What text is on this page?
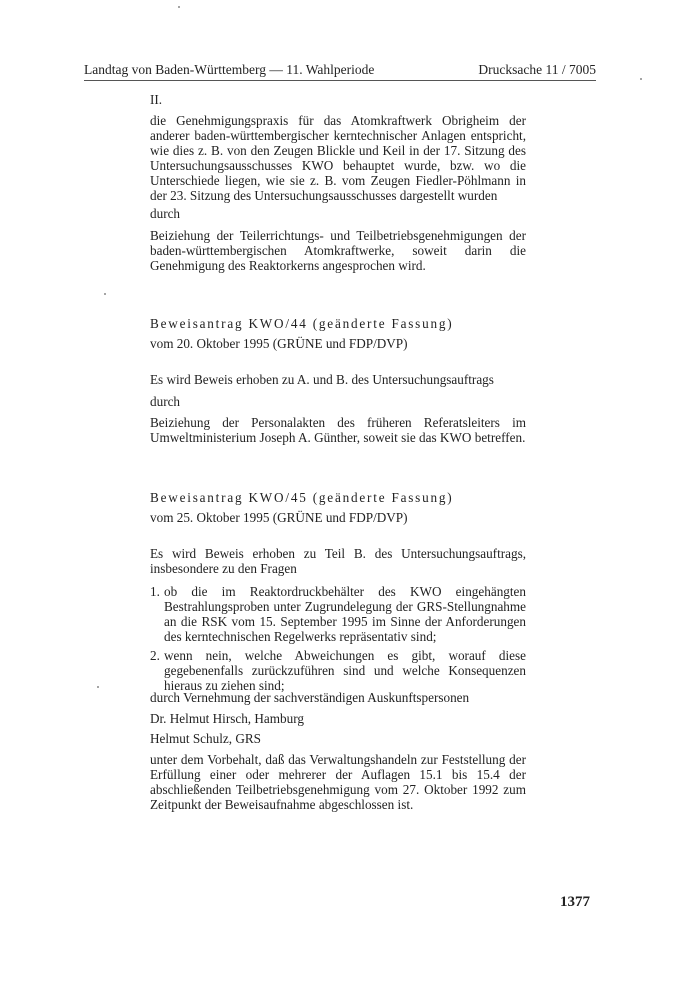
Landtag von Baden-Württemberg — 11. Wahlperiode	Drucksache 11 / 7005

II.

die Genehmigungspraxis für das Atomkraftwerk Obrigheim der anderer baden-württembergischer kerntechnischer Anlagen entspricht, wie dies z. B. von den Zeugen Blickle und Keil in der 17. Sitzung des Untersuchungsausschusses KWO behauptet wurde, bzw. wo die Unterschiede liegen, wie sie z. B. vom Zeugen Fiedler-Pöhlmann in der 23. Sitzung des Untersuchungsausschusses dargestellt wurden

durch

Beiziehung der Teilerrichtungs- und Teilbetriebsgenehmigungen der baden-württembergischen Atomkraftwerke, soweit darin die Genehmigung des Reaktorkerns angesprochen wird.

Beweisantrag KWO/44 (geänderte Fassung)

vom 20. Oktober 1995 (GRÜNE und FDP/DVP)

Es wird Beweis erhoben zu A. und B. des Untersuchungsauftrags

durch

Beiziehung der Personalakten des früheren Referatsleiters im Umweltministerium Joseph A. Günther, soweit sie das KWO betreffen.

Beweisantrag KWO/45 (geänderte Fassung)

vom 25. Oktober 1995 (GRÜNE und FDP/DVP)

Es wird Beweis erhoben zu Teil B. des Untersuchungsauftrags, insbesondere zu den Fragen

1. ob die im Reaktordruckbehälter des KWO eingehängten Bestrahlungsproben unter Zugrundelegung der GRS-Stellungnahme an die RSK vom 15. September 1995 im Sinne der Anforderungen des kerntechnischen Regelwerks repräsentativ sind;
2. wenn nein, welche Abweichungen es gibt, worauf diese gegebenenfalls zurückzuführen sind und welche Konsequenzen hieraus zu ziehen sind;

durch Vernehmung der sachverständigen Auskunftspersonen

Dr. Helmut Hirsch, Hamburg

Helmut Schulz, GRS

unter dem Vorbehalt, daß das Verwaltungshandeln zur Feststellung der Erfüllung einer oder mehrerer der Auflagen 15.1 bis 15.4 der abschließenden Teilbetriebsgenehmigung vom 27. Oktober 1992 zum Zeitpunkt der Beweisaufnahme abgeschlossen ist.

1377
